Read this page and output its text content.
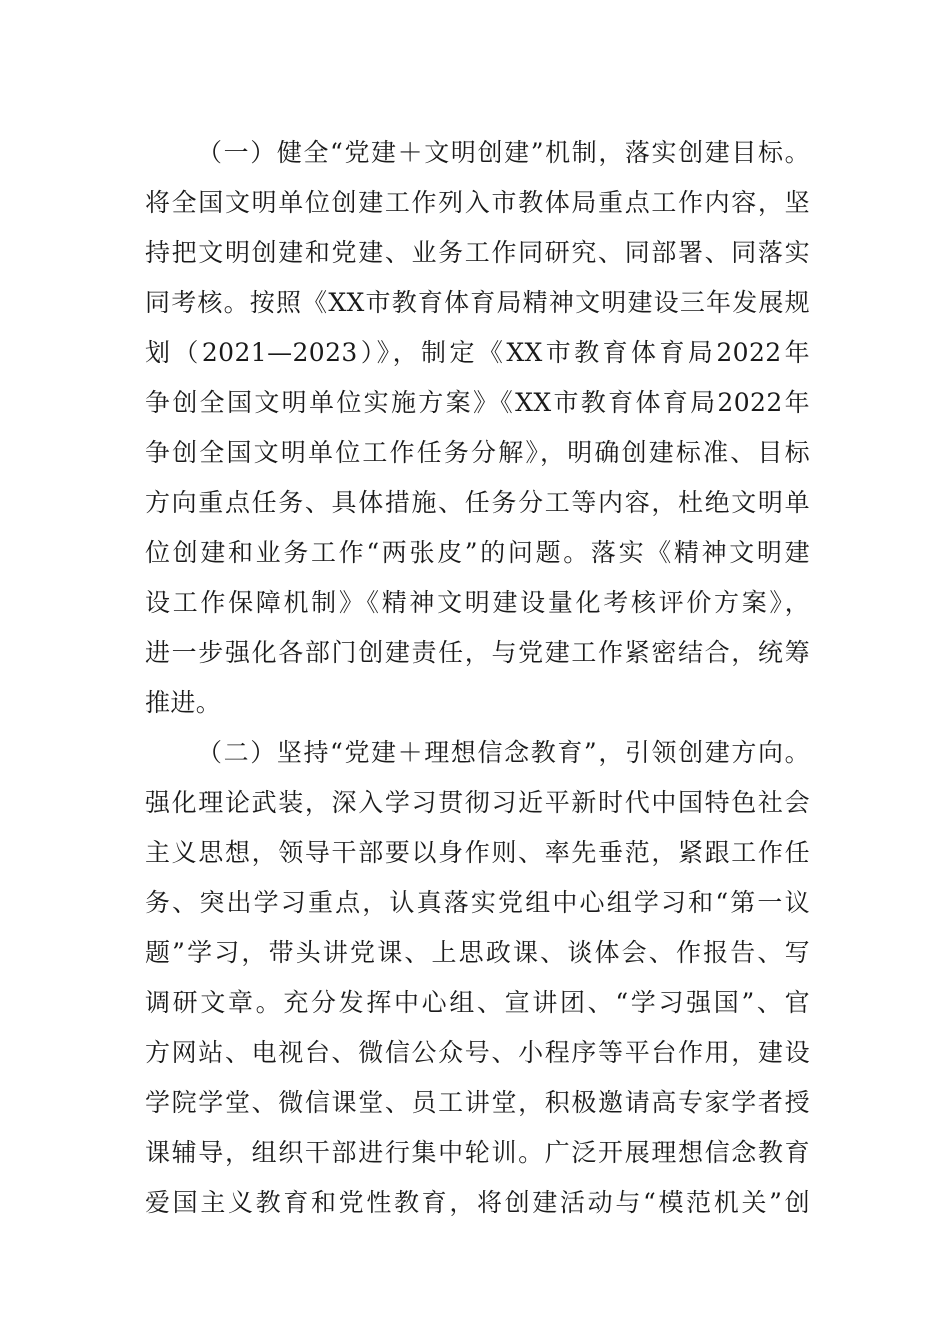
（一）健全“党建＋文明创建”机制，落实创建目标。
将全国文明单位创建工作列入市教体局重点工作内容，坚
持把文明创建和党建、业务工作同研究、同部署、同落实
同考核。按照《XX市教育体育局精神文明建设三年发展规
划（2021—2023）》，制定《XX市教育体育局2022年
争创全国文明单位实施方案》《XX市教育体育局2022年
争创全国文明单位工作任务分解》，明确创建标准、目标
方向重点任务、具体措施、任务分工等内容，杜绝文明单
位创建和业务工作“两张皮”的问题。落实《精神文明建
设工作保障机制》《精神文明建设量化考核评价方案》，
进一步强化各部门创建责任，与党建工作紧密结合，统筹
推进。
（二）坚持“党建＋理想信念教育”，引领创建方向。
强化理论武装，深入学习贯彻习近平新时代中国特色社会
主义思想，领导干部要以身作则、率先垂范，紧跟工作任
务、突出学习重点，认真落实党组中心组学习和“第一议
题”学习，带头讲党课、上思政课、谈体会、作报告、写
调研文章。充分发挥中心组、宣讲团、“学习强国”、官
方网站、电视台、微信公众号、小程序等平台作用，建设
学院学堂、微信课堂、员工讲堂，积极邀请高专家学者授
课辅导，组织干部进行集中轮训。广泛开展理想信念教育
爱国主义教育和党性教育，将创建活动与“模范机关”创
